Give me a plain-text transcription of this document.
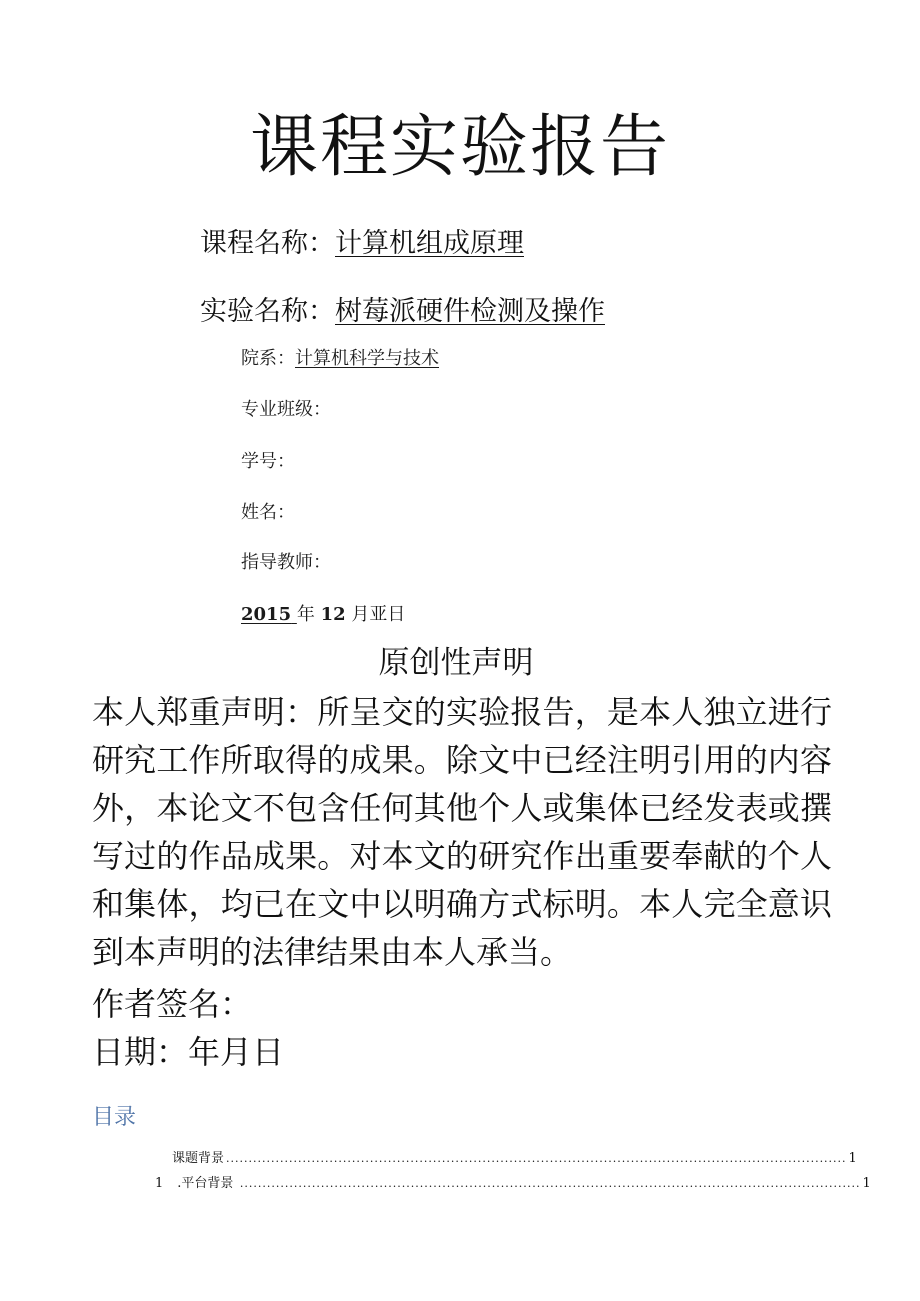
课程实验报告
课程名称：计算机组成原理
实验名称：树莓派硬件检测及操作
院系：计算机科学与技术
专业班级：
学号：
姓名：
指导教师：
2015 年 12 月亚日
原创性声明
本人郑重声明：所呈交的实验报告，是本人独立进行研究工作所取得的成果。除文中已经注明引用的内容外，本论文不包含任何其他个人或集体已经发表或撰写过的作品成果。对本文的研究作出重要奉献的个人和集体，均已在文中以明确方式标明。本人完全意识到本声明的法律结果由本人承当。
作者签名：
日期：年月日
目录
课题背景 .......................................................................................................................................... 1
1 .平台背景 .......................................................................................................................................... 1
